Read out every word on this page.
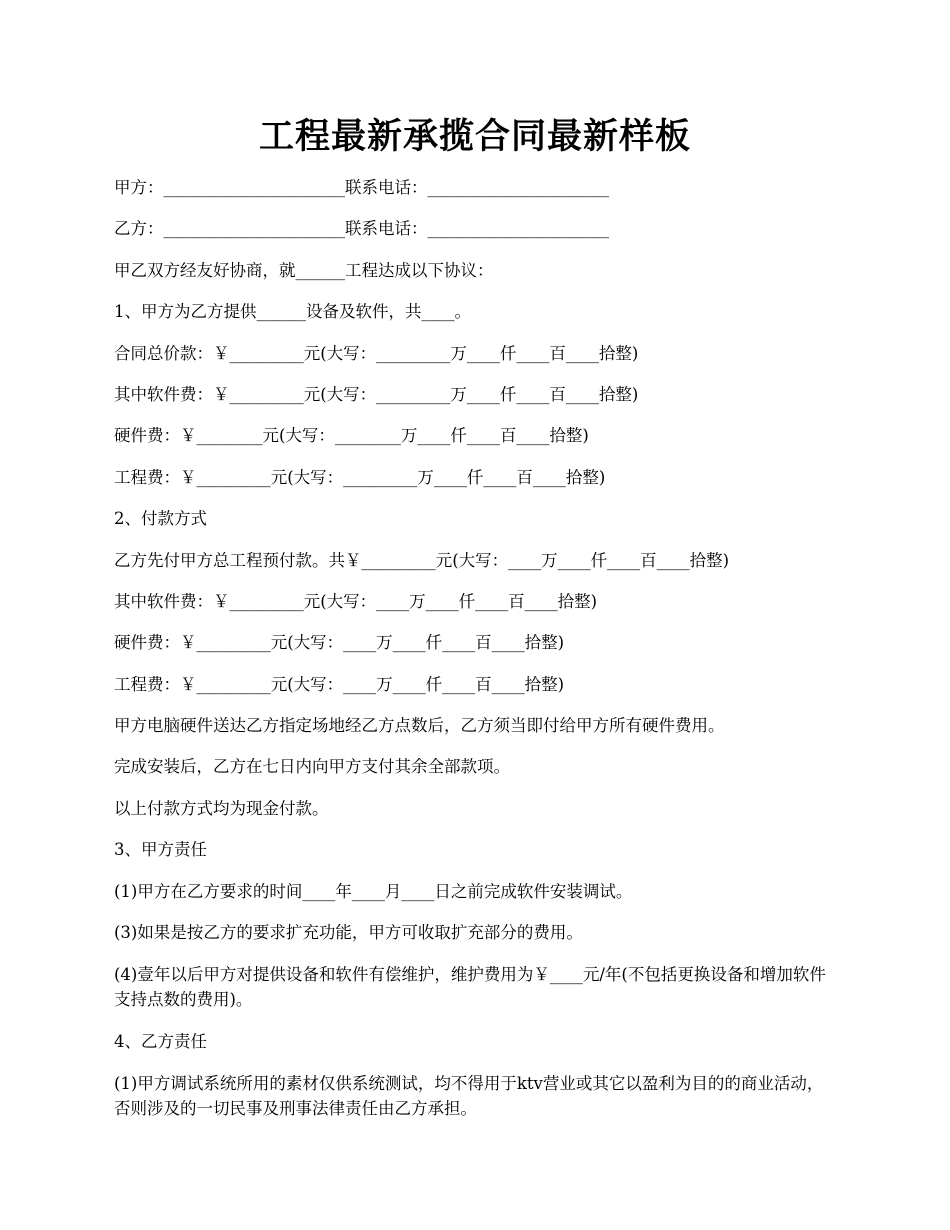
工程最新承揽合同最新样板

甲方：______________________联系电话：______________________

乙方：______________________联系电话：______________________

甲乙双方经友好协商，就______工程达成以下协议：

1、甲方为乙方提供______设备及软件，共____。

合同总价款：￥_________元(大写：_________万____仟____百____拾整)

其中软件费：￥_________元(大写：_________万____仟____百____拾整)

硬件费：￥________元(大写：________万____仟____百____拾整)

工程费：￥_________元(大写：_________万____仟____百____拾整)

2、付款方式

乙方先付甲方总工程预付款。共￥_________元(大写：____万____仟____百____拾整)

其中软件费：￥_________元(大写：____万____仟____百____拾整)

硬件费：￥_________元(大写：____万____仟____百____拾整)

工程费：￥_________元(大写：____万____仟____百____拾整)

甲方电脑硬件送达乙方指定场地经乙方点数后，乙方须当即付给甲方所有硬件费用。

完成安装后，乙方在七日内向甲方支付其余全部款项。

以上付款方式均为现金付款。

3、甲方责任

(1)甲方在乙方要求的时间____年____月____日之前完成软件安装调试。

(3)如果是按乙方的要求扩充功能，甲方可收取扩充部分的费用。

(4)壹年以后甲方对提供设备和软件有偿维护，维护费用为￥____元/年(不包括更换设备和增加软件支持点数的费用)。

4、乙方责任

(1)甲方调试系统所用的素材仅供系统测试，均不得用于ktv营业或其它以盈利为目的的商业活动，否则涉及的一切民事及刑事法律责任由乙方承担。
